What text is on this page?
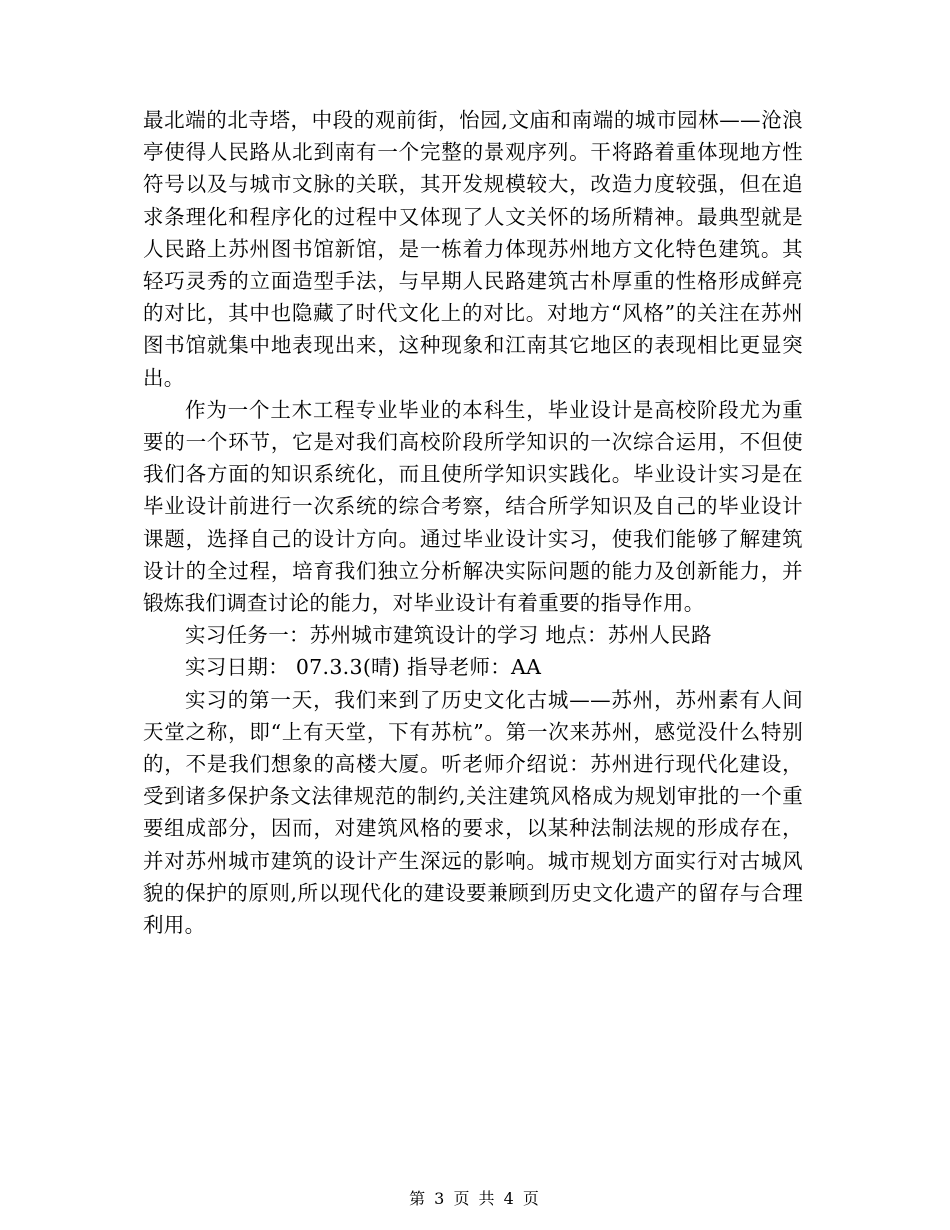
最北端的北寺塔，中段的观前街，怡园,文庙和南端的城市园林——沧浪亭使得人民路从北到南有一个完整的景观序列。干将路着重体现地方性符号以及与城市文脉的关联，其开发规模较大，改造力度较强，但在追求条理化和程序化的过程中又体现了人文关怀的场所精神。最典型就是人民路上苏州图书馆新馆，是一栋着力体现苏州地方文化特色建筑。其轻巧灵秀的立面造型手法，与早期人民路建筑古朴厚重的性格形成鲜亮的对比，其中也隐藏了时代文化上的对比。对地方“风格”的关注在苏州图书馆就集中地表现出来，这种现象和江南其它地区的表现相比更显突出。

作为一个土木工程专业毕业的本科生，毕业设计是高校阶段尤为重要的一个环节，它是对我们高校阶段所学知识的一次综合运用，不但使我们各方面的知识系统化，而且使所学知识实践化。毕业设计实习是在毕业设计前进行一次系统的综合考察，结合所学知识及自己的毕业设计课题，选择自己的设计方向。通过毕业设计实习，使我们能够了解建筑设计的全过程，培育我们独立分析解决实际问题的能力及创新能力，并锻炼我们调查讨论的能力，对毕业设计有着重要的指导作用。

实习任务一：苏州城市建筑设计的学习 地点：苏州人民路

实习日期： 07.3.3(晴) 指导老师：AA

实习的第一天，我们来到了历史文化古城——苏州，苏州素有人间天堂之称，即“上有天堂，下有苏杭”。第一次来苏州，感觉没什么特别的，不是我们想象的高楼大厦。听老师介绍说：苏州进行现代化建设，受到诸多保护条文法律规范的制约,关注建筑风格成为规划审批的一个重要组成部分，因而，对建筑风格的要求，以某种法制法规的形成存在，并对苏州城市建筑的设计产生深远的影响。城市规划方面实行对古城风貌的保护的原则,所以现代化的建设要兼顾到历史文化遗产的留存与合理利用。

第 3 页 共 4 页
